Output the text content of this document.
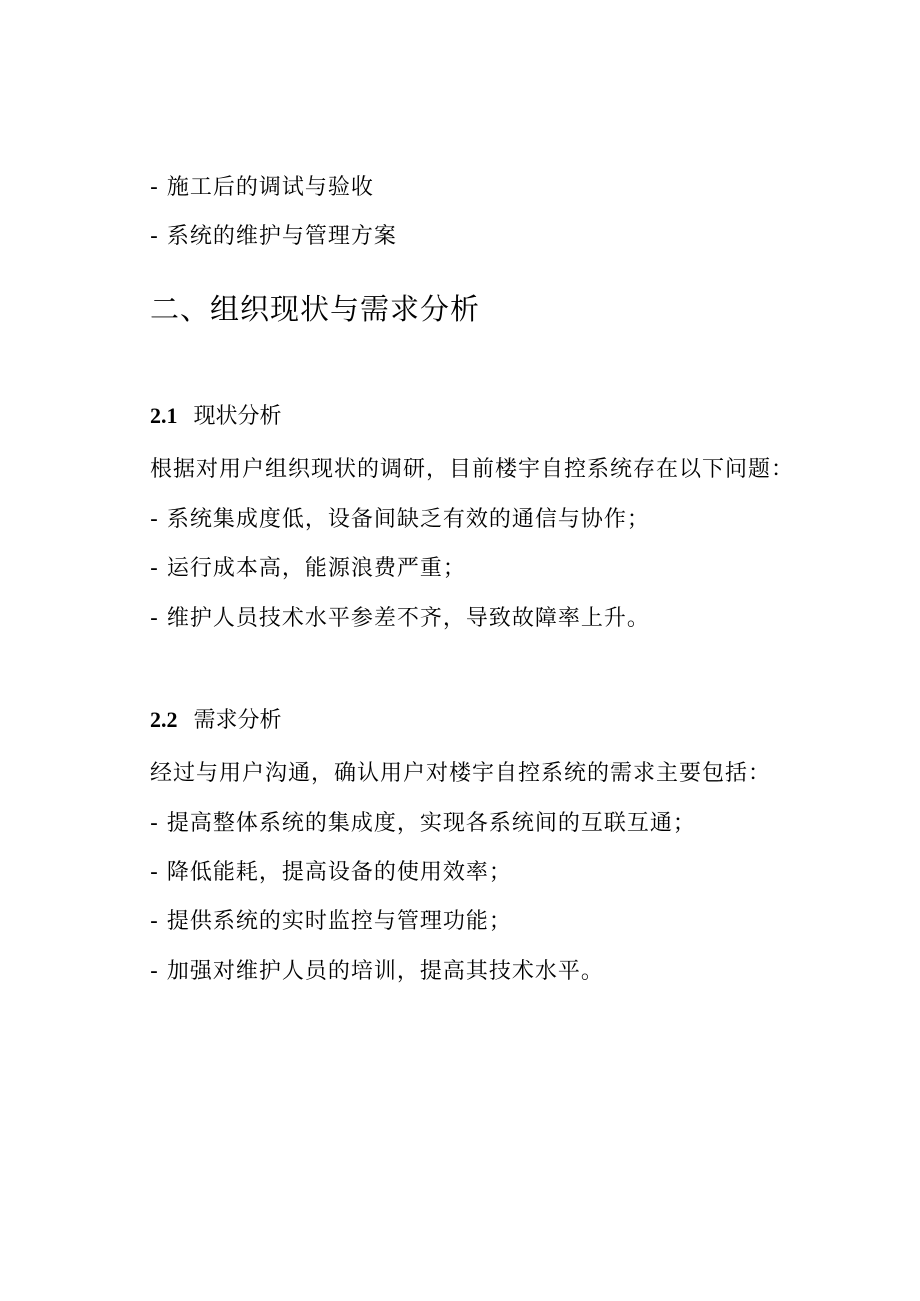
- 施工后的调试与验收
- 系统的维护与管理方案
二、组织现状与需求分析
2.1 现状分析
根据对用户组织现状的调研，目前楼宇自控系统存在以下问题：
- 系统集成度低，设备间缺乏有效的通信与协作；
- 运行成本高，能源浪费严重；
- 维护人员技术水平参差不齐，导致故障率上升。
2.2 需求分析
经过与用户沟通，确认用户对楼宇自控系统的需求主要包括：
- 提高整体系统的集成度，实现各系统间的互联互通；
- 降低能耗，提高设备的使用效率；
- 提供系统的实时监控与管理功能；
- 加强对维护人员的培训，提高其技术水平。
